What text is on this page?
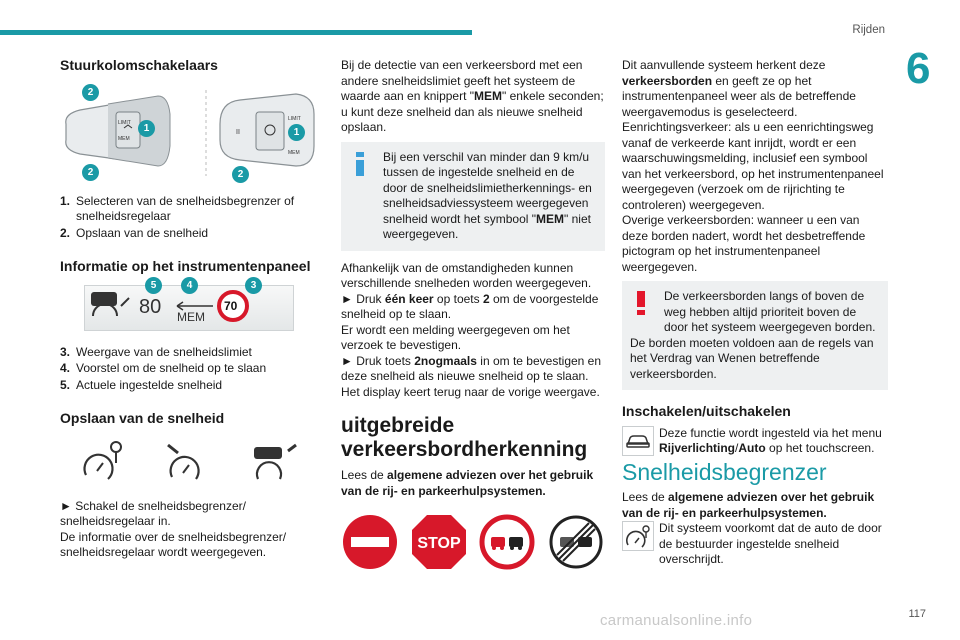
Rijden
6
Stuurkolomschakelaars
LIMIT
MEM
LIMIT
MEM
II
2
1
2
1
2
1. Selecteren van de snelheidsbegrenzer of snelheidsregelaar
2. Opslaan van de snelheid
Informatie op het instrumentenpaneel
80 MEM
70
5	4	3
3. Weergave van de snelheidslimiet
4. Voorstel om de snelheid op te slaan
5. Actuele ingestelde snelheid
Opslaan van de snelheid
► Schakel de snelheidsbegrenzer/ snelheidsregelaar in.
De informatie over de snelheidsbegrenzer/ snelheidsregelaar wordt weergegeven.

Bij de detectie van een verkeersbord met een andere snelheidslimiet geeft het systeem de waarde aan en knippert "MEM" enkele seconden; u kunt deze snelheid dan als nieuwe snelheid opslaan.

Bij een verschil van minder dan 9 km/u tussen de ingestelde snelheid en de door de snelheidslimietherkennings- en snelheidsadviessysteem weergegeven snelheid wordt het symbool "MEM" niet weergegeven.

Afhankelijk van de omstandigheden kunnen verschillende snelheden worden weergegeven.

► Druk één keer op toets 2 om de voorgestelde snelheid op te slaan.

Er wordt een melding weergegeven om het verzoek te bevestigen.

► Druk toets 2nogmaals in om te bevestigen en deze snelheid als nieuwe snelheid op te slaan.

Het display keert terug naar de vorige weergave.

uitgebreide verkeersbordherkenning

Lees de algemene adviezen over het gebruik van de rij- en parkeerhulpsystemen.

STOP

Dit aanvullende systeem herkent deze verkeersborden en geeft ze op het instrumentenpaneel weer als de betreffende weergavemodus is geselecteerd.

Eenrichtingsverkeer: als u een eenrichtingsweg vanaf de verkeerde kant inrijdt, wordt er een waarschuwingsmelding, inclusief een symbool van het verkeersbord, op het instrumentenpaneel weergegeven (verzoek om de rijrichting te controleren) weergegeven.

Overige verkeersborden: wanneer u een van deze borden nadert, wordt het desbetreffende pictogram op het instrumentenpaneel weergegeven.

De verkeersborden langs of boven de weg hebben altijd prioriteit boven de door het systeem weergegeven borden.

De borden moeten voldoen aan de regels van het Verdrag van Wenen betreffende verkeersborden.

Inschakelen/uitschakelen

Deze functie wordt ingesteld via het menu Rijverlichting/Auto op het touchscreen.

Snelheidsbegrenzer

Lees de algemene adviezen over het gebruik van de rij- en parkeerhulpsystemen.

Dit systeem voorkomt dat de auto de door de bestuurder ingestelde snelheid overschrijdt.

carmanualsonline.info	117
